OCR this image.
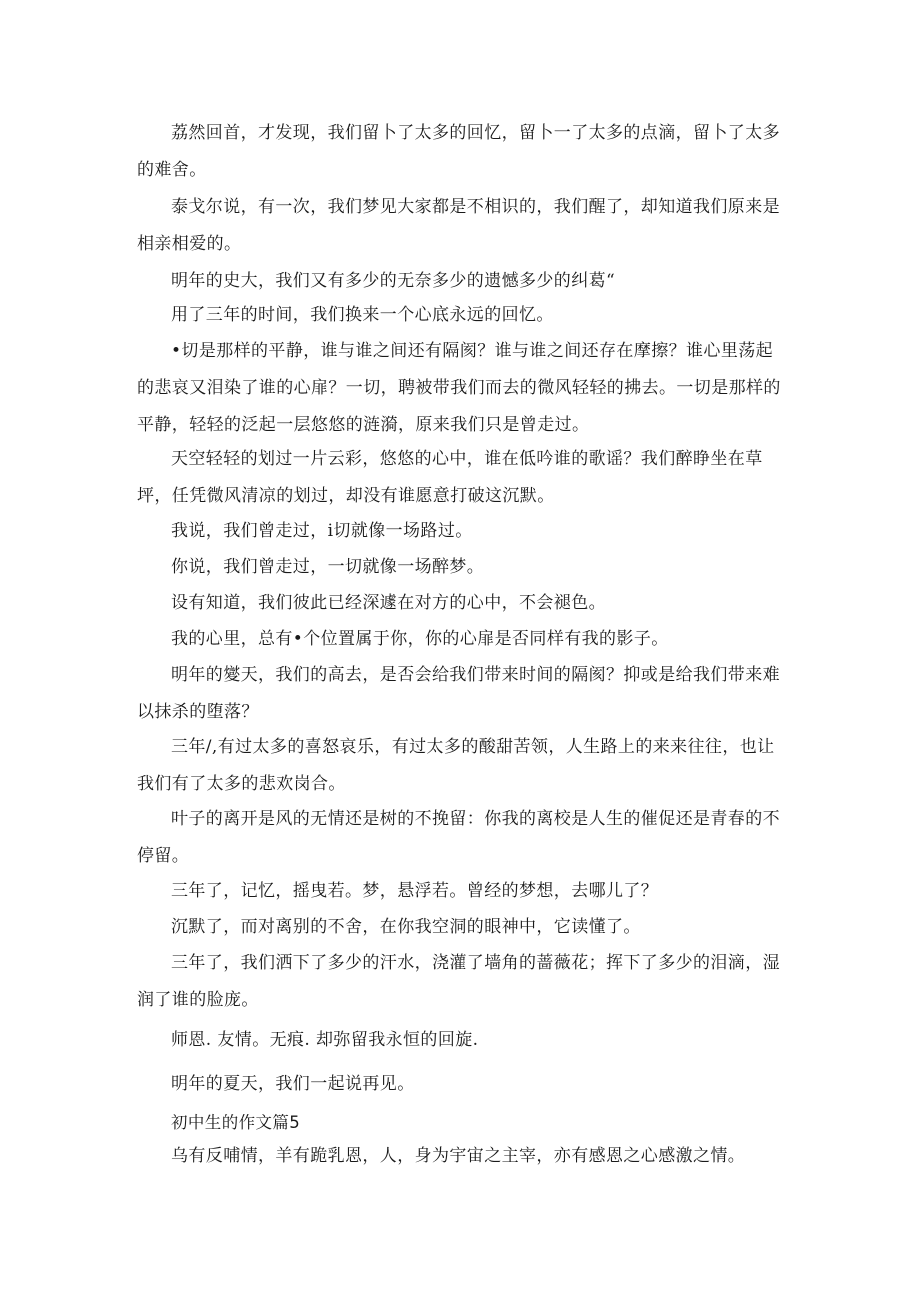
荔然回首，才发现，我们留卜了太多的回忆，留卜一了太多的点滴，留卜了太多的难舍。

泰戈尔说，有一次，我们梦见大家都是不相识的，我们醒了，却知道我们原来是相亲相爱的。

明年的史大，我们又有多少的无奈多少的遗憾多少的纠葛“

用了三年的时间，我们换来一个心底永远的回忆。

•切是那样的平静，谁与谁之间还有隔阂？谁与谁之间还存在摩擦？谁心里荡起的悲哀又泪染了谁的心扉？一切，聘被带我们而去的微风轻轻的拂去。一切是那样的平静，轻轻的泛起一层悠悠的涟漪，原来我们只是曾走过。

天空轻轻的划过一片云彩，悠悠的心中，谁在低吟谁的歌谣？我们醉睁坐在草坪，任凭微风清凉的划过，却没有谁愿意打破这沉默。

我说，我们曾走过，i切就像一场路过。

你说，我们曾走过，一切就像一场醉梦。

设有知道，我们彼此已经深遽在对方的心中，不会褪色。

我的心里，总有•个位置属于你，你的心扉是否同样有我的影子。

明年的夑天，我们的高去，是否会给我们带来时间的隔阂？抑或是给我们带来难以抹杀的堕落？

三年/,有过太多的喜怒哀乐，有过太多的酸甜苦领，人生路上的来来往往，也让我们有了太多的悲欢岗合。

叶子的离开是风的无情还是树的不挽留：你我的离校是人生的催促还是青春的不停留。

三年了，记忆，摇曳若。梦，悬浮若。曾经的梦想，去哪儿了？

沉默了，而对离别的不舍，在你我空洞的眼神中，它读懂了。

三年了，我们洒下了多少的汗水，浇灌了墙角的蔷薇花；挥下了多少的泪滴，湿润了谁的脸庞。

师恩. 友情。无痕. 却弥留我永恒的回旋.

明年的夏天，我们一起说再见。

初中生的作文篇5

乌有反哺情，羊有跪乳恩，人，身为宇宙之主宰，亦有感恩之心感激之情。
